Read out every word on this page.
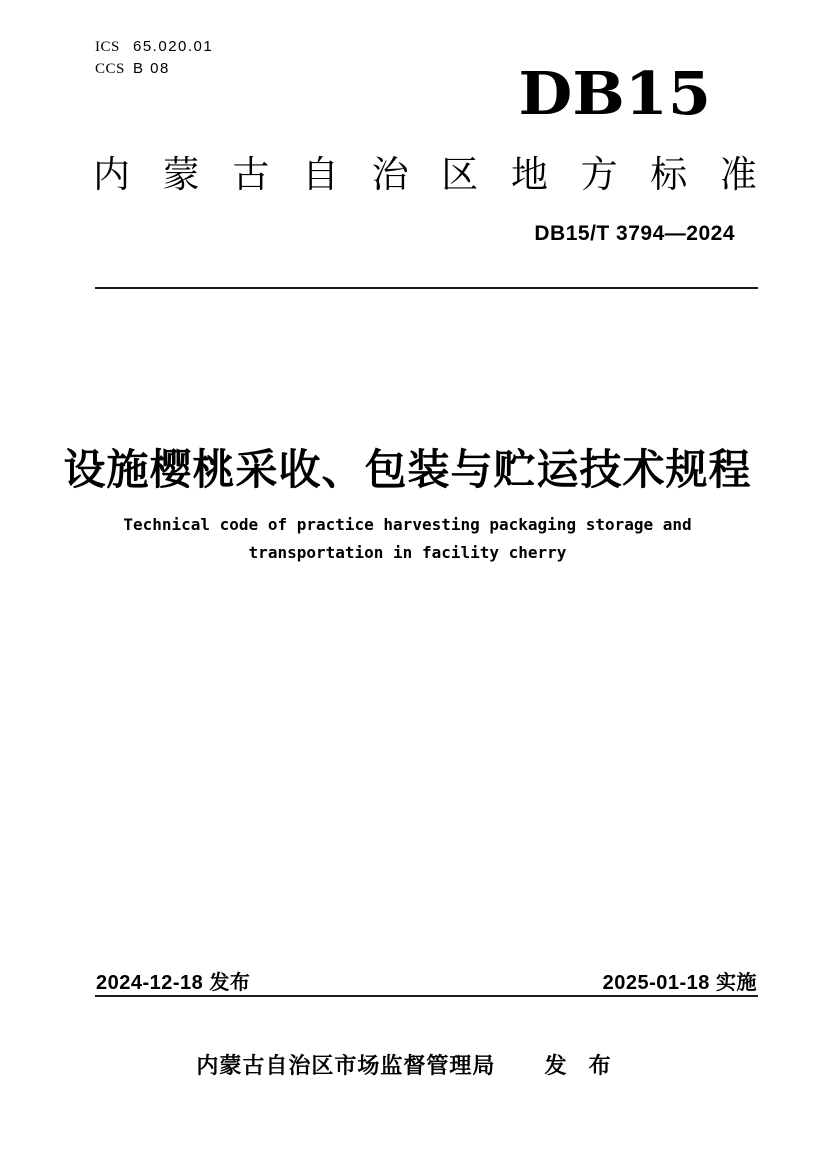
ICS 65.020.01
CCS B 08	DB15
内 蒙 古 自 治 区 地 方 标 准
DB15/T 3794—2024
设施樱桃采收、包装与贮运技术规程
Technical code of practice harvesting packaging storage and
transportation in facility cherry
2024-12-18 发布	2025-01-18 实施
内蒙古自治区市场监督管理局 发 布
